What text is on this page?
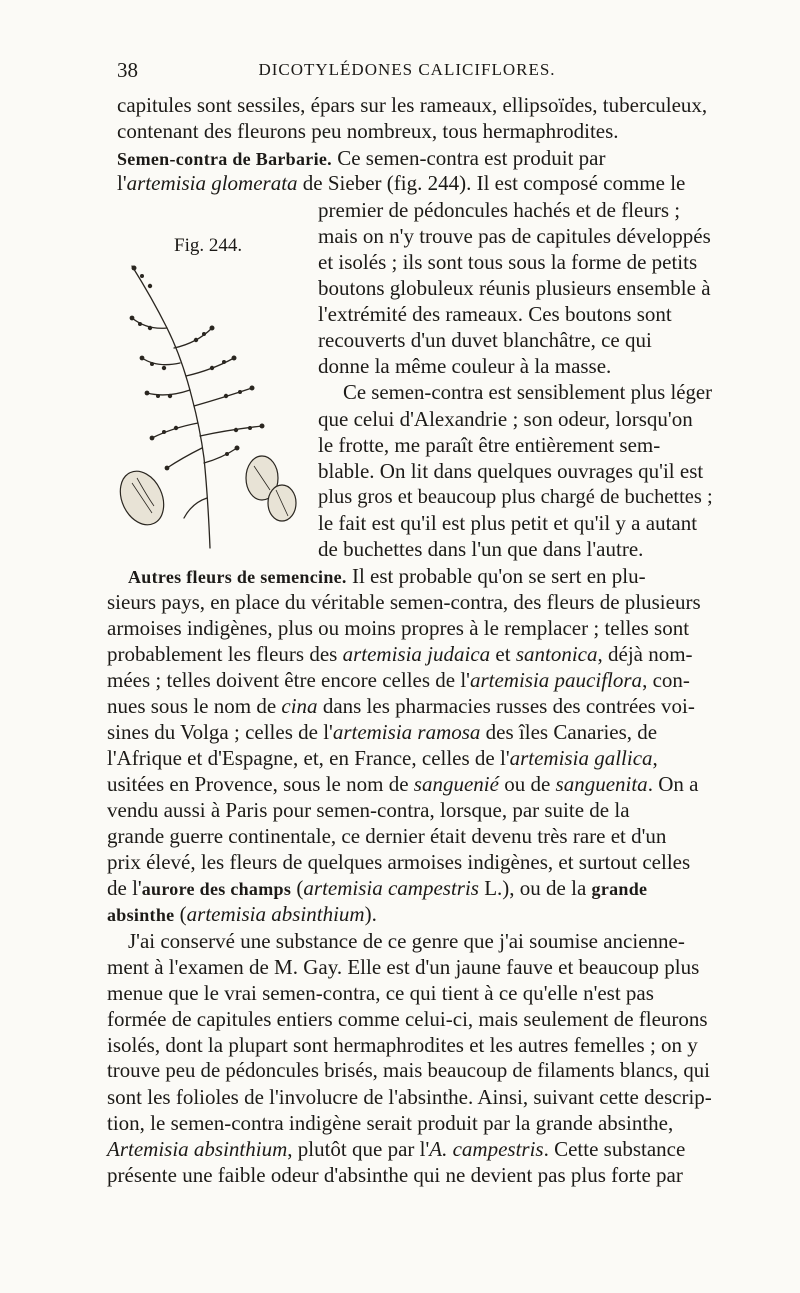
38	DICOTYLÉDONES CALICIFLORES.
Fig. 244.
capitules sont sessiles, épars sur les rameaux, ellipsoïdes, tuberculeux,
contenant des fleurons peu nombreux, tous hermaphrodites.
Semen-contra de Barbarie. Ce semen-contra est produit par
l'artemisia glomerata de Sieber (fig. 244). Il est composé comme le
premier de pédoncules hachés et de fleurs ;
mais on n'y trouve pas de capitules développés
et isolés ; ils sont tous sous la forme de petits
boutons globuleux réunis plusieurs ensemble à
l'extrémité des rameaux. Ces boutons sont
recouverts d'un duvet blanchâtre, ce qui
donne la même couleur à la masse.
Ce semen-contra est sensiblement plus léger
que celui d'Alexandrie ; son odeur, lorsqu'on
le frotte, me paraît être entièrement sem-
blable. On lit dans quelques ouvrages qu'il est
plus gros et beaucoup plus chargé de buchettes ;
le fait est qu'il est plus petit et qu'il y a autant
de buchettes dans l'un que dans l'autre.
Autres fleurs de semencine. Il est probable qu'on se sert en plu-
sieurs pays, en place du véritable semen-contra, des fleurs de plusieurs
armoises indigènes, plus ou moins propres à le remplacer ; telles sont
probablement les fleurs des artemisia judaica et santonica, déjà nom-
mées ; telles doivent être encore celles de l'artemisia pauciflora, con-
nues sous le nom de cina dans les pharmacies russes des contrées voi-
sines du Volga ; celles de l'artemisia ramosa des îles Canaries, de
l'Afrique et d'Espagne, et, en France, celles de l'artemisia gallica,
usitées en Provence, sous le nom de sanguenié ou de sanguenita. On a
vendu aussi à Paris pour semen-contra, lorsque, par suite de la
grande guerre continentale, ce dernier était devenu très rare et d'un
prix élevé, les fleurs de quelques armoises indigènes, et surtout celles
de l'aurore des champs (artemisia campestris L.), ou de la grande
absinthe (artemisia absinthium).
J'ai conservé une substance de ce genre que j'ai soumise ancienne-
ment à l'examen de M. Gay. Elle est d'un jaune fauve et beaucoup plus
menue que le vrai semen-contra, ce qui tient à ce qu'elle n'est pas
formée de capitules entiers comme celui-ci, mais seulement de fleurons
isolés, dont la plupart sont hermaphrodites et les autres femelles ; on y
trouve peu de pédoncules brisés, mais beaucoup de filaments blancs, qui
sont les folioles de l'involucre de l'absinthe. Ainsi, suivant cette descrip-
tion, le semen-contra indigène serait produit par la grande absinthe,
Artemisia absinthium, plutôt que par l'A. campestris. Cette substance
présente une faible odeur d'absinthe qui ne devient pas plus forte par
